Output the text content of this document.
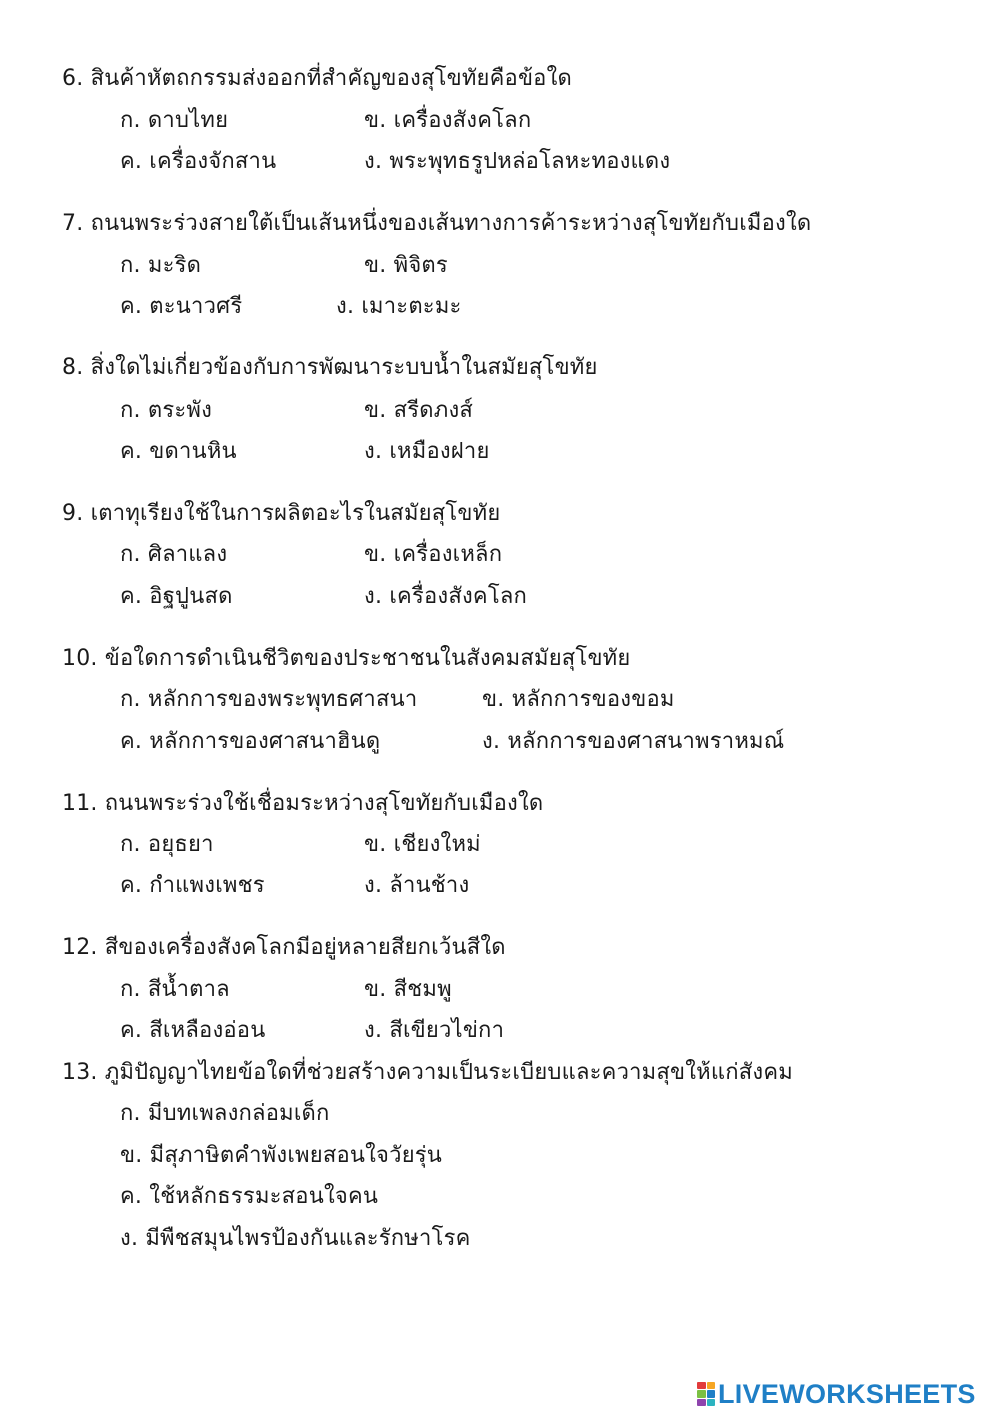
6. สินค้าหัตถกรรมส่งออกที่สำคัญของสุโขทัยคือข้อใด
ก. ดาบไทย	ข. เครื่องสังคโลก
ค. เครื่องจักสาน	ง. พระพุทธรูปหล่อโลหะทองแดง
7. ถนนพระร่วงสายใต้เป็นเส้นหนึ่งของเส้นทางการค้าระหว่างสุโขทัยกับเมืองใด
ก. มะริด	ข. พิจิตร
ค. ตะนาวศรี	ง. เมาะตะมะ
8. สิ่งใดไม่เกี่ยวข้องกับการพัฒนาระบบน้ำในสมัยสุโขทัย
ก. ตระพัง	ข. สรีดภงส์
ค. ขดานหิน	ง. เหมืองฝาย
9. เตาทุเรียงใช้ในการผลิตอะไรในสมัยสุโขทัย
ก. ศิลาแลง	ข. เครื่องเหล็ก
ค. อิฐปูนสด	ง. เครื่องสังคโลก
10. ข้อใดการดำเนินชีวิตของประชาชนในสังคมสมัยสุโขทัย
ก. หลักการของพระพุทธศาสนา	ข. หลักการของขอม
ค. หลักการของศาสนาฮินดู	ง. หลักการของศาสนาพราหมณ์
11. ถนนพระร่วงใช้เชื่อมระหว่างสุโขทัยกับเมืองใด
ก. อยุธยา	ข. เชียงใหม่
ค. กำแพงเพชร	ง. ล้านช้าง
12. สีของเครื่องสังคโลกมีอยู่หลายสียกเว้นสีใด
ก. สีน้ำตาล	ข. สีชมพู
ค. สีเหลืองอ่อน	ง. สีเขียวไข่กา
13. ภูมิปัญญาไทยข้อใดที่ช่วยสร้างความเป็นระเบียบและความสุขให้แก่สังคม
ก. มีบทเพลงกล่อมเด็ก
ข. มีสุภาษิตคำพังเพยสอนใจวัยรุ่น
ค. ใช้หลักธรรมะสอนใจคน
ง. มีพืชสมุนไพรป้องกันและรักษาโรค
LIVEWORKSHEETS
